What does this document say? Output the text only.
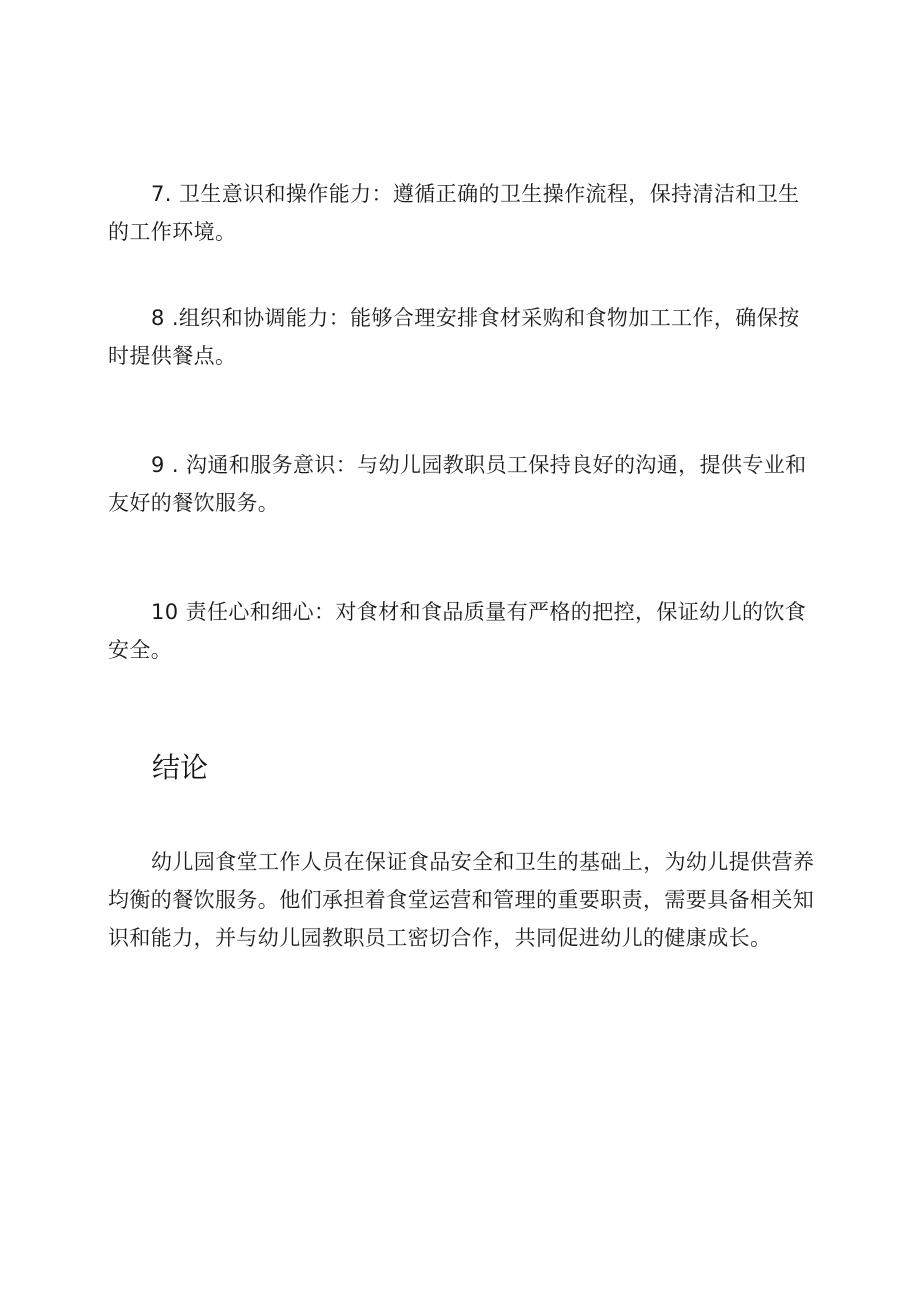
7. 卫生意识和操作能力：遵循正确的卫生操作流程，保持清洁和卫生的工作环境。

8 .组织和协调能力：能够合理安排食材采购和食物加工工作，确保按时提供餐点。

9 . 沟通和服务意识：与幼儿园教职员工保持良好的沟通，提供专业和友好的餐饮服务。

10 责任心和细心：对食材和食品质量有严格的把控，保证幼儿的饮食安全。

结论

幼儿园食堂工作人员在保证食品安全和卫生的基础上，为幼儿提供营养均衡的餐饮服务。他们承担着食堂运营和管理的重要职责，需要具备相关知识和能力，并与幼儿园教职员工密切合作，共同促进幼儿的健康成长。
